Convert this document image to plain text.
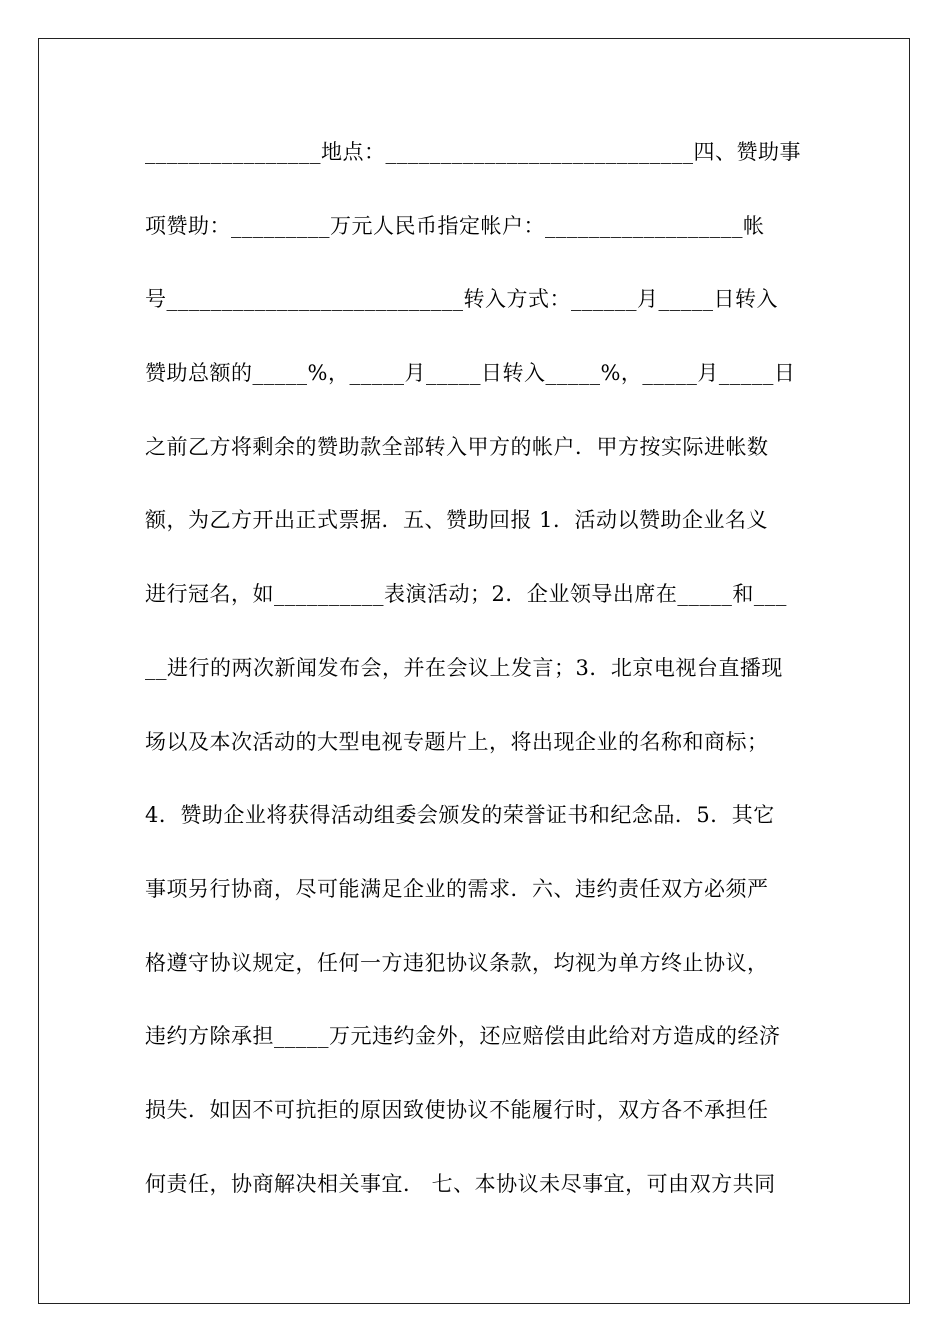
________________地点：____________________________四、赞助事
项赞助：_________万元人民币指定帐户：__________________帐
号___________________________转入方式：______月_____日转入
赞助总额的_____%，_____月_____日转入_____%，_____月_____日
之前乙方将剩余的赞助款全部转入甲方的帐户．甲方按实际进帐数
额，为乙方开出正式票据．五、赞助回报 1．活动以赞助企业名义
进行冠名，如__________表演活动；2．企业领导出席在_____和___
__进行的两次新闻发布会，并在会议上发言；3．北京电视台直播现
场以及本次活动的大型电视专题片上，将出现企业的名称和商标；
4．赞助企业将获得活动组委会颁发的荣誉证书和纪念品．5．其它
事项另行协商，尽可能满足企业的需求．六、违约责任双方必须严
格遵守协议规定，任何一方违犯协议条款，均视为单方终止协议，
违约方除承担_____万元违约金外，还应赔偿由此给对方造成的经济
损失．如因不可抗拒的原因致使协议不能履行时，双方各不承担任
何责任，协商解决相关事宜． 七、本协议未尽事宜，可由双方共同
